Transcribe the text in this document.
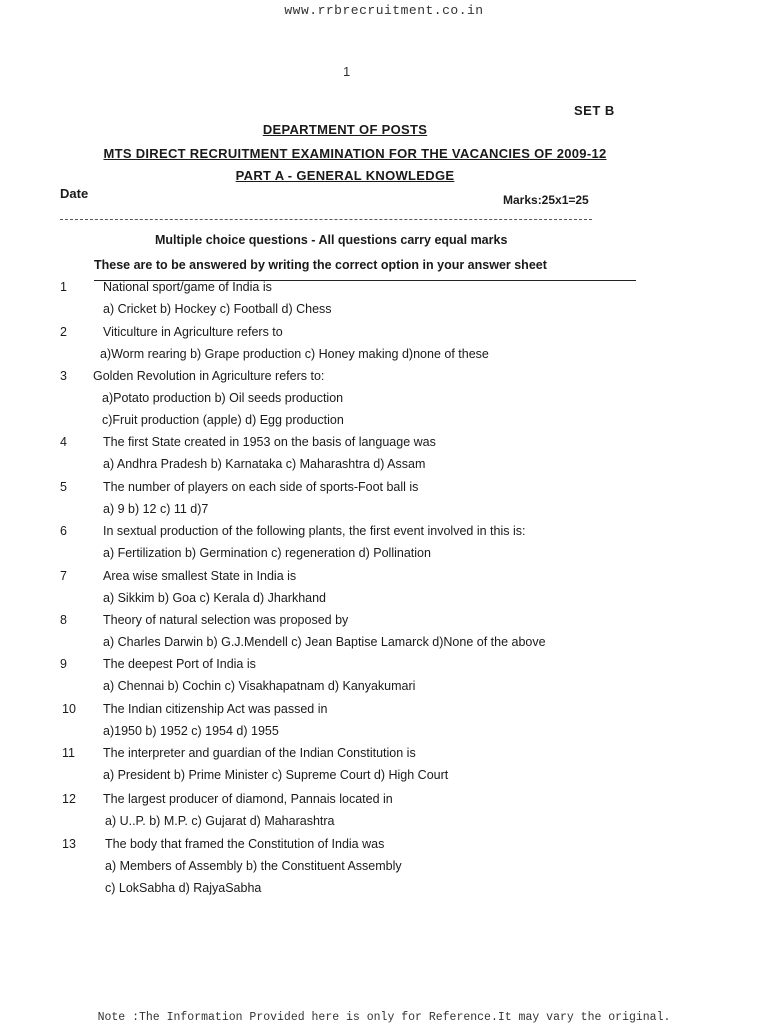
www.rrbrecruitment.co.in
1
SET B
DEPARTMENT OF POSTS
MTS DIRECT RECRUITMENT EXAMINATION FOR THE VACANCIES OF 2009-12
PART A - GENERAL KNOWLEDGE
Date	Marks:25x1=25
Multiple choice questions - All questions carry equal marks
These are to be answered by writing the correct option in your answer sheet
1	National sport/game of India is
a) Cricket b) Hockey c) Football d) Chess
2	Viticulture in Agriculture refers to
a)Worm rearing b) Grape production c) Honey making d)none of these
3 Golden Revolution in Agriculture refers to:
a)Potato production b) Oil seeds production
c)Fruit production (apple) d) Egg production
4	The first State created in 1953 on the basis of language was
a) Andhra Pradesh b) Karnataka c) Maharashtra d) Assam
5	The number of players on each side of sports-Foot ball is
a) 9 b) 12 c) 11 d)7
6	In sextual production of the following plants, the first event involved in this is:
a) Fertilization b) Germination c) regeneration d) Pollination
7	Area wise smallest State in India is
a) Sikkim b) Goa c) Kerala d) Jharkhand
8	Theory of natural selection was proposed by
a) Charles Darwin b) G.J.Mendell c) Jean Baptise Lamarck d)None of the above
9	The deepest Port of India is
a) Chennai b) Cochin c) Visakhapatnam d) Kanyakumari
10 The Indian citizenship Act was passed in
a)1950 b) 1952 c) 1954 d) 1955
11 The interpreter and guardian of the Indian Constitution is
a) President b) Prime Minister c) Supreme Court d) High Court
12 The largest producer of diamond, Pannais located in
a) U..P. b) M.P. c) Gujarat d) Maharashtra
13 The body that framed the Constitution of India was
a) Members of Assembly b) the Constituent Assembly
c) LokSabha d) RajyaSabha
Note :The Information Provided here is only for Reference.It may vary the original.
